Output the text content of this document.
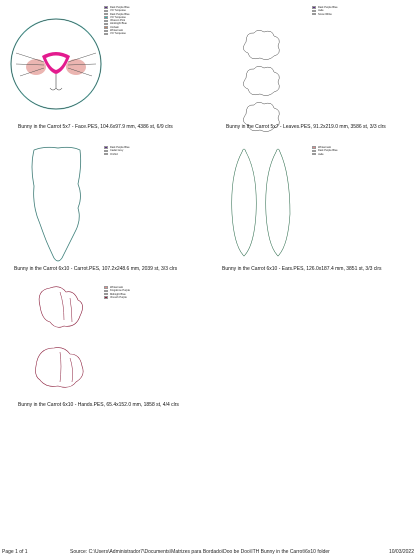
Dark Purple Blue
VO Turquoise
Dark Purple Blue
VO Turquoise
Vibecon Pink
Hindnight Blue
Umbain
Wintermelo
VO Turquoise
Bunny in the Carrot 5x7 - Face.PES, 104.6x97.9 mm, 4386 st, 6/9 clrs
Dark Purple Blue
Jade
Snow White
Bunny in the Carrot 5x7 - Leaves.PES, 91.2x219.0 mm, 3586 st, 3/3 clrs
Dark Purple Blue
Cadet Grey
Orchid
Bunny in the Carrot 6x10 - Carrot.PES, 107.2x248.6 mm, 2039 st, 3/3 clrs
Wintermelo
Dark Purple Blue
Jade
Bunny in the Carrot 6x10 - Ears.PES, 126.0x187.4 mm, 3851 st, 3/3 clrs
Wintermelo
Kingdome Purple
Midnight Blue
Viresch Purple
Bunny in the Carrot 6x10 - Hands.PES, 65.4x152.0 mm, 1858 st, 4/4 clrs
Page 1 of 1	Source: C:\Users\Administrador7\Documents\Matrizes para Bordado\Doo be Doo\ITH Bunny in the Carrot\6x10 folder	10/03/2022
